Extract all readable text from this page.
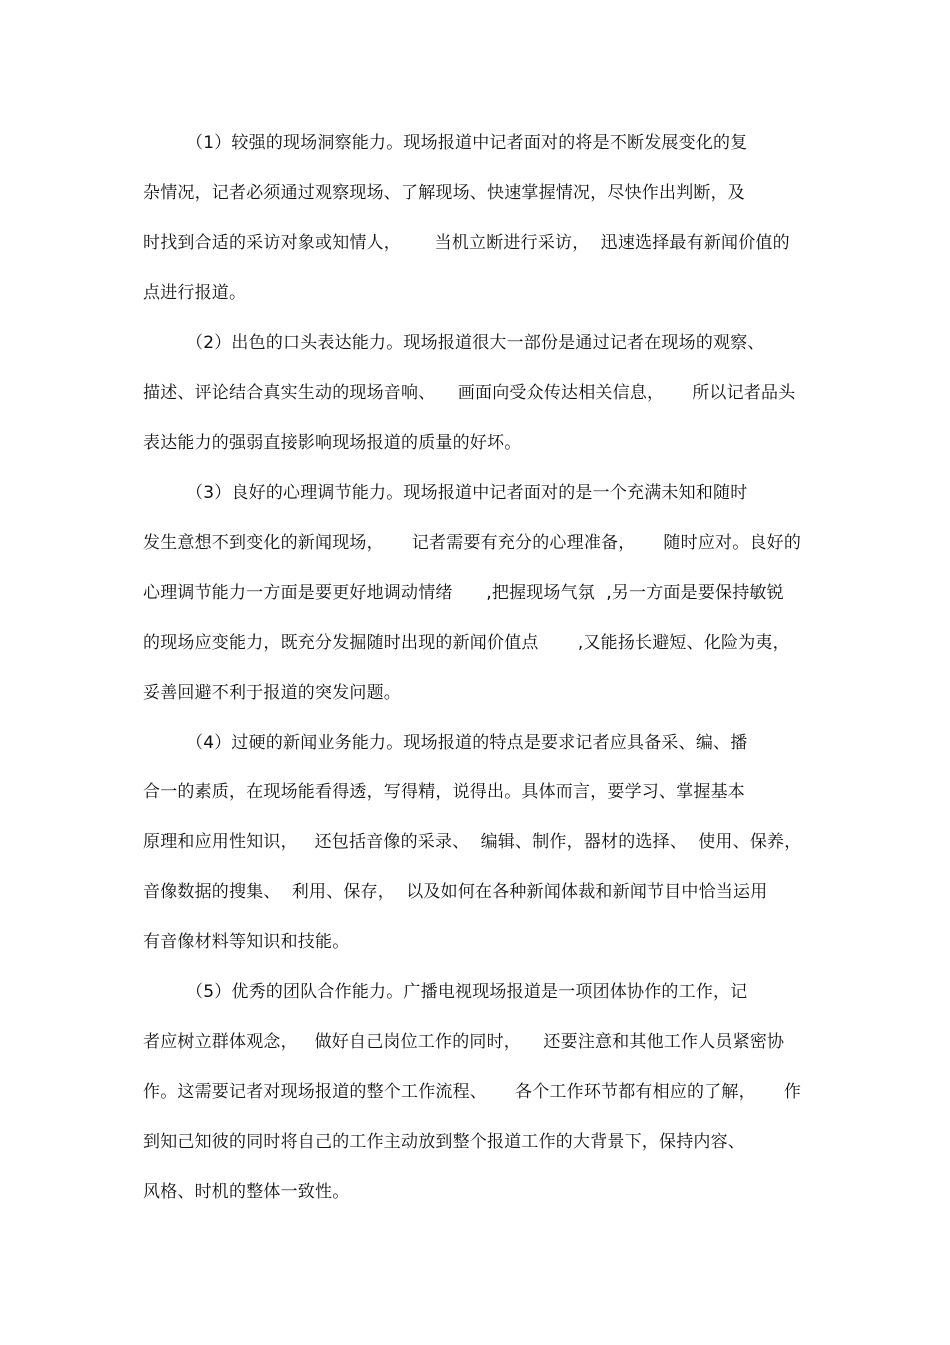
（1）较强的现场洞察能力。现场报道中记者面对的将是不断发展变化的复
杂情况，记者必须通过观察现场、了解现场、快速掌握情况，尽快作出判断，及
时找到合适的采访对象或知情人，      当机立断进行采访，  迅速选择最有新闻价值的
点进行报道。
（2）出色的口头表达能力。现场报道很大一部份是通过记者在现场的观察、
描述、评论结合真实生动的现场音响、    画面向受众传达相关信息，     所以记者品头
表达能力的强弱直接影响现场报道的质量的好坏。
（3）良好的心理调节能力。现场报道中记者面对的是一个充满未知和随时
发生意想不到变化的新闻现场，     记者需要有充分的心理准备，     随时应对。良好的
心理调节能力一方面是要更好地调动情绪      ,把握现场气氛  ,另一方面是要保持敏锐
的现场应变能力，既充分发掘随时出现的新闻价值点       ,又能扬长避短、化险为夷，
妥善回避不利于报道的突发问题。
（4）过硬的新闻业务能力。现场报道的特点是要求记者应具备采、编、播
合一的素质，在现场能看得透，写得精，说得出。具体而言，要学习、掌握基本
原理和应用性知识，   还包括音像的采录、  编辑、制作，器材的选择、  使用、保养，
音像数据的搜集、  利用、保存，  以及如何在各种新闻体裁和新闻节目中恰当运用
有音像材料等知识和技能。
（5）优秀的团队合作能力。广播电视现场报道是一项团体协作的工作，记
者应树立群体观念，   做好自己岗位工作的同时，    还要注意和其他工作人员紧密协
作。这需要记者对现场报道的整个工作流程、     各个工作环节都有相应的了解，     作
到知己知彼的同时将自己的工作主动放到整个报道工作的大背景下，保持内容、
风格、时机的整体一致性。
